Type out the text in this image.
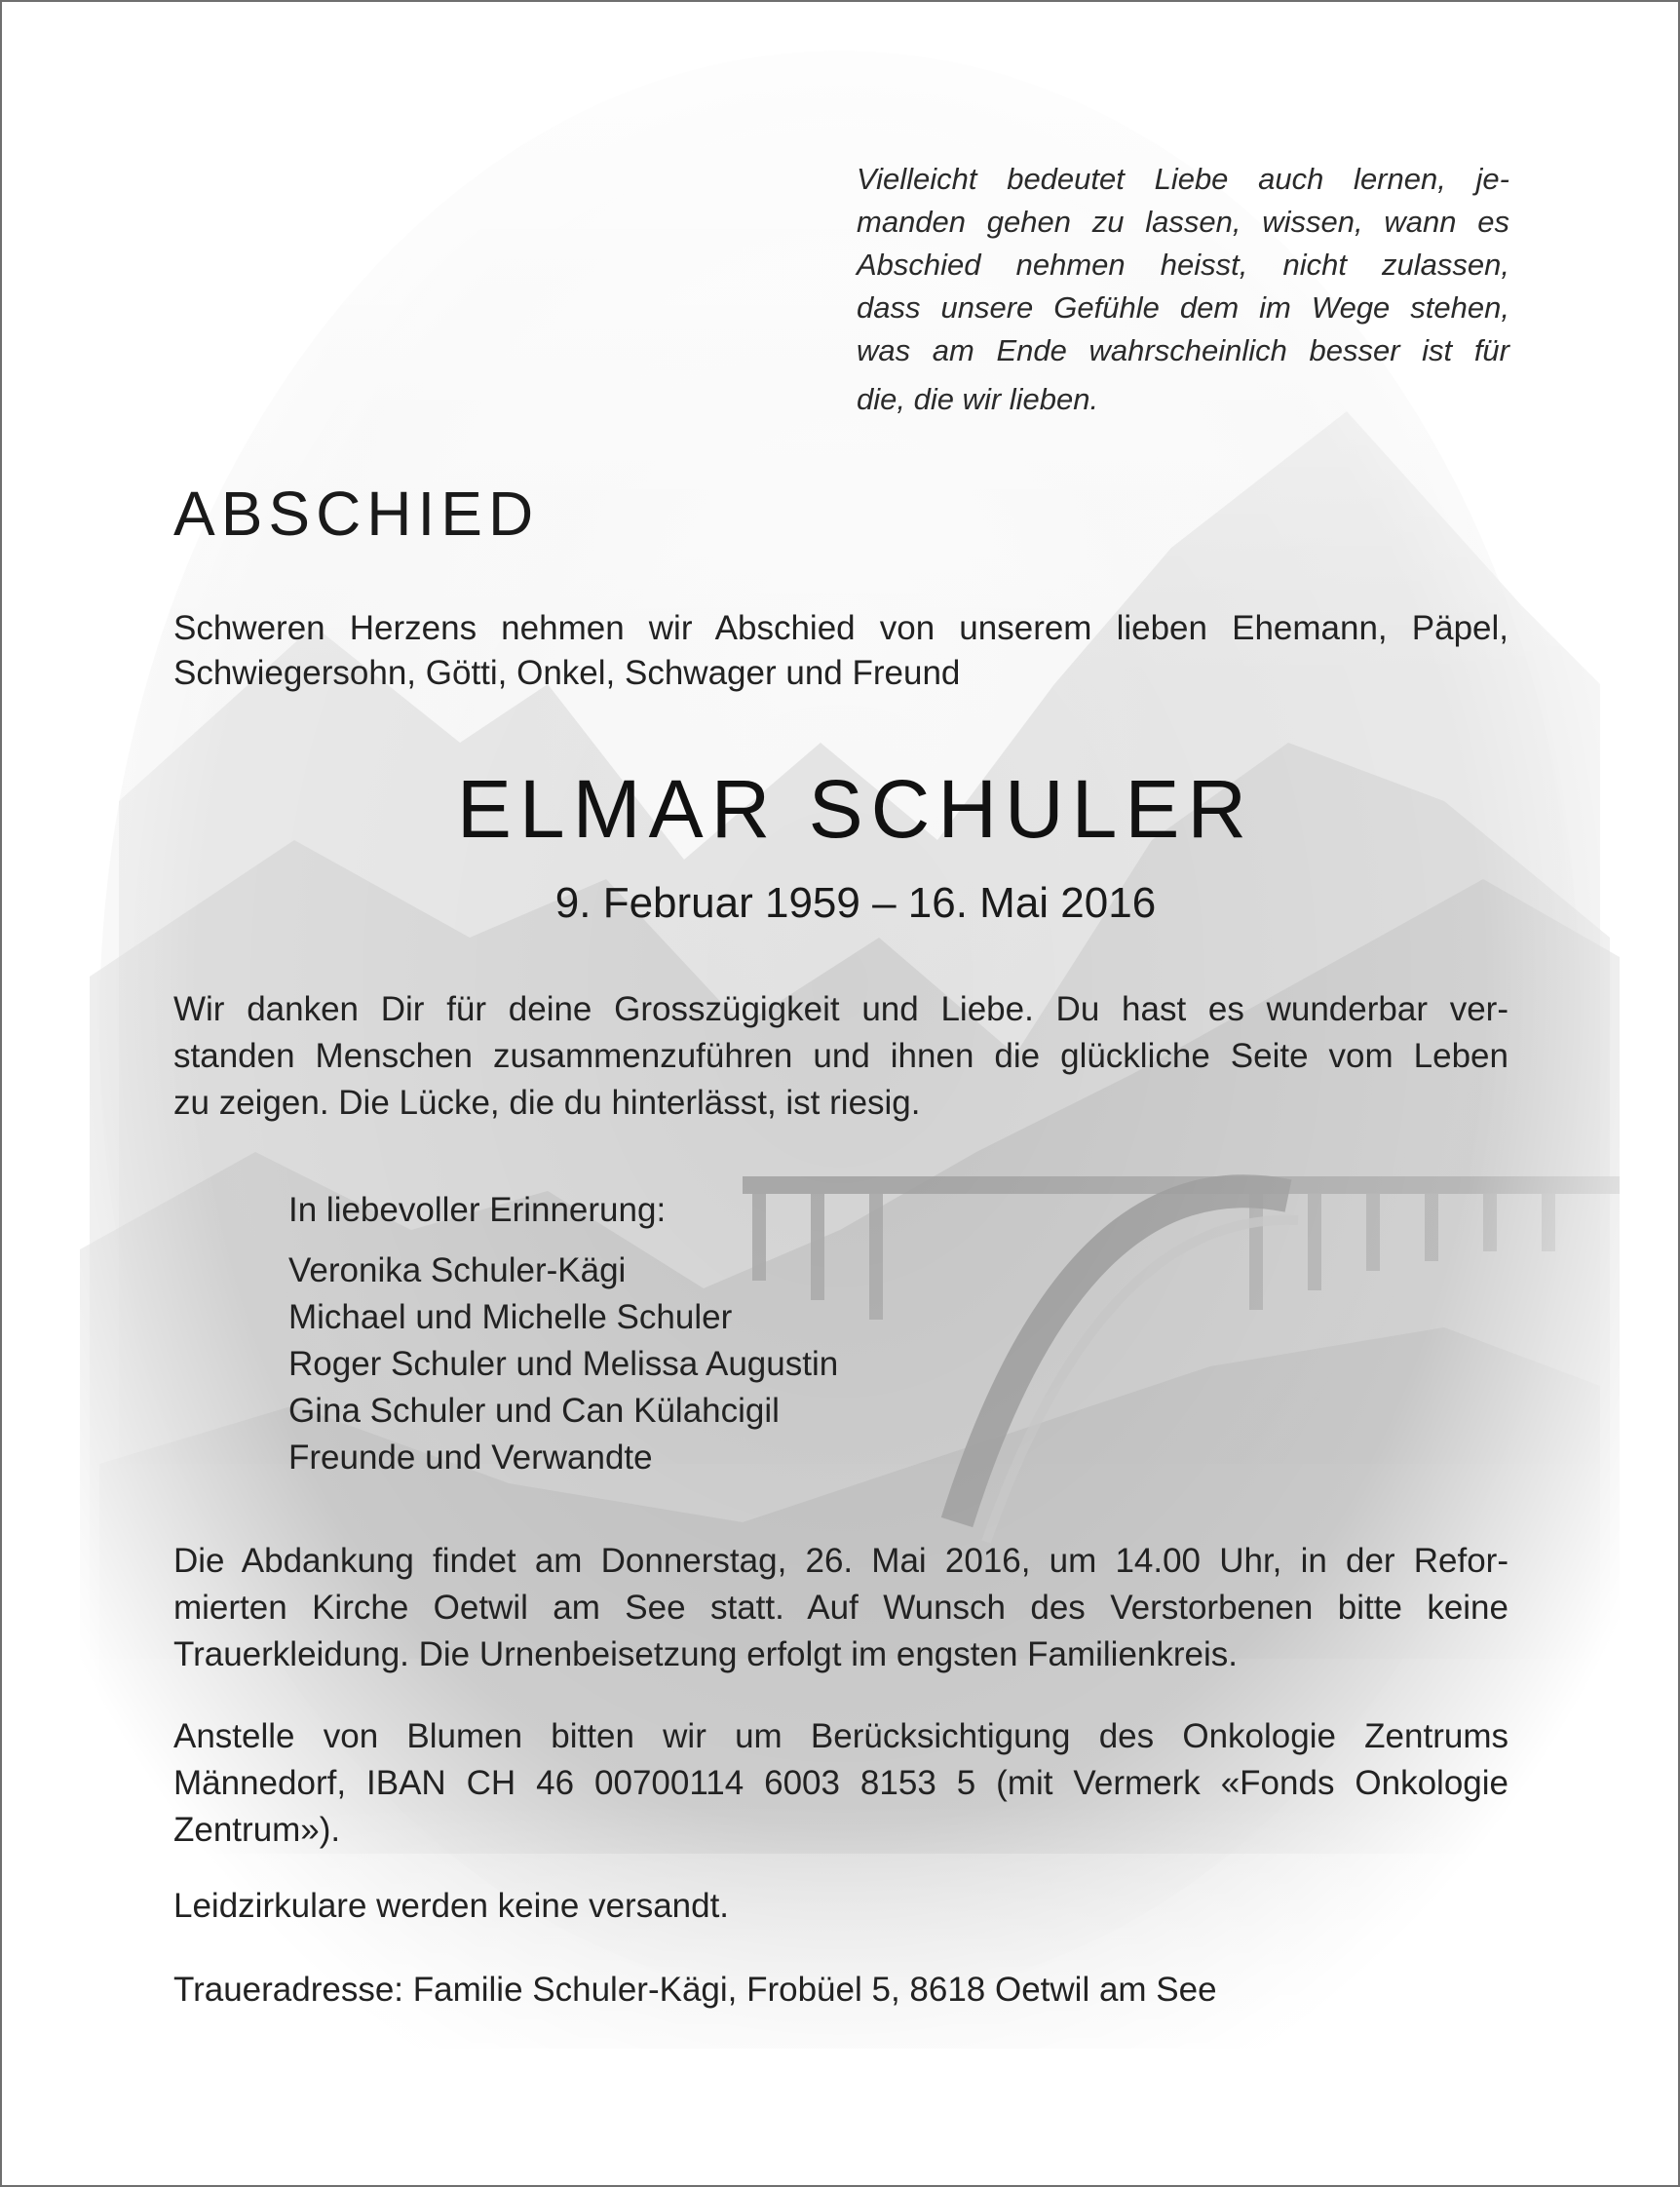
Vielleicht bedeutet Liebe auch lernen, je-
manden gehen zu lassen, wissen, wann es
Abschied nehmen heisst, nicht zulassen,
dass unsere Gefühle dem im Wege stehen,
was am Ende wahrscheinlich besser ist für
die, die wir lieben.
ABSCHIED
Schweren Herzens nehmen wir Abschied von unserem lieben Ehemann, Päpel,
Schwiegersohn, Götti, Onkel, Schwager und Freund
ELMAR SCHULER
9. Februar 1959 – 16. Mai 2016
Wir danken Dir für deine Grosszügigkeit und Liebe. Du hast es wunderbar ver-
standen Menschen zusammenzuführen und ihnen die glückliche Seite vom Leben
zu zeigen. Die Lücke, die du hinterlässt, ist riesig.
In liebevoller Erinnerung:
Veronika Schuler-Kägi
Michael und Michelle Schuler
Roger Schuler und Melissa Augustin
Gina Schuler und Can Külahcigil
Freunde und Verwandte
Die Abdankung findet am Donnerstag, 26. Mai 2016, um 14.00 Uhr, in der Refor-
mierten Kirche Oetwil am See statt. Auf Wunsch des Verstorbenen bitte keine
Trauerkleidung. Die Urnenbeisetzung erfolgt im engsten Familienkreis.
Anstelle von Blumen bitten wir um Berücksichtigung des Onkologie Zentrums
Männedorf, IBAN CH 46 00700114 6003 8153 5 (mit Vermerk «Fonds Onkologie
Zentrum»).
Leidzirkulare werden keine versandt.
Traueradresse: Familie Schuler-Kägi, Frobüel 5, 8618 Oetwil am See
